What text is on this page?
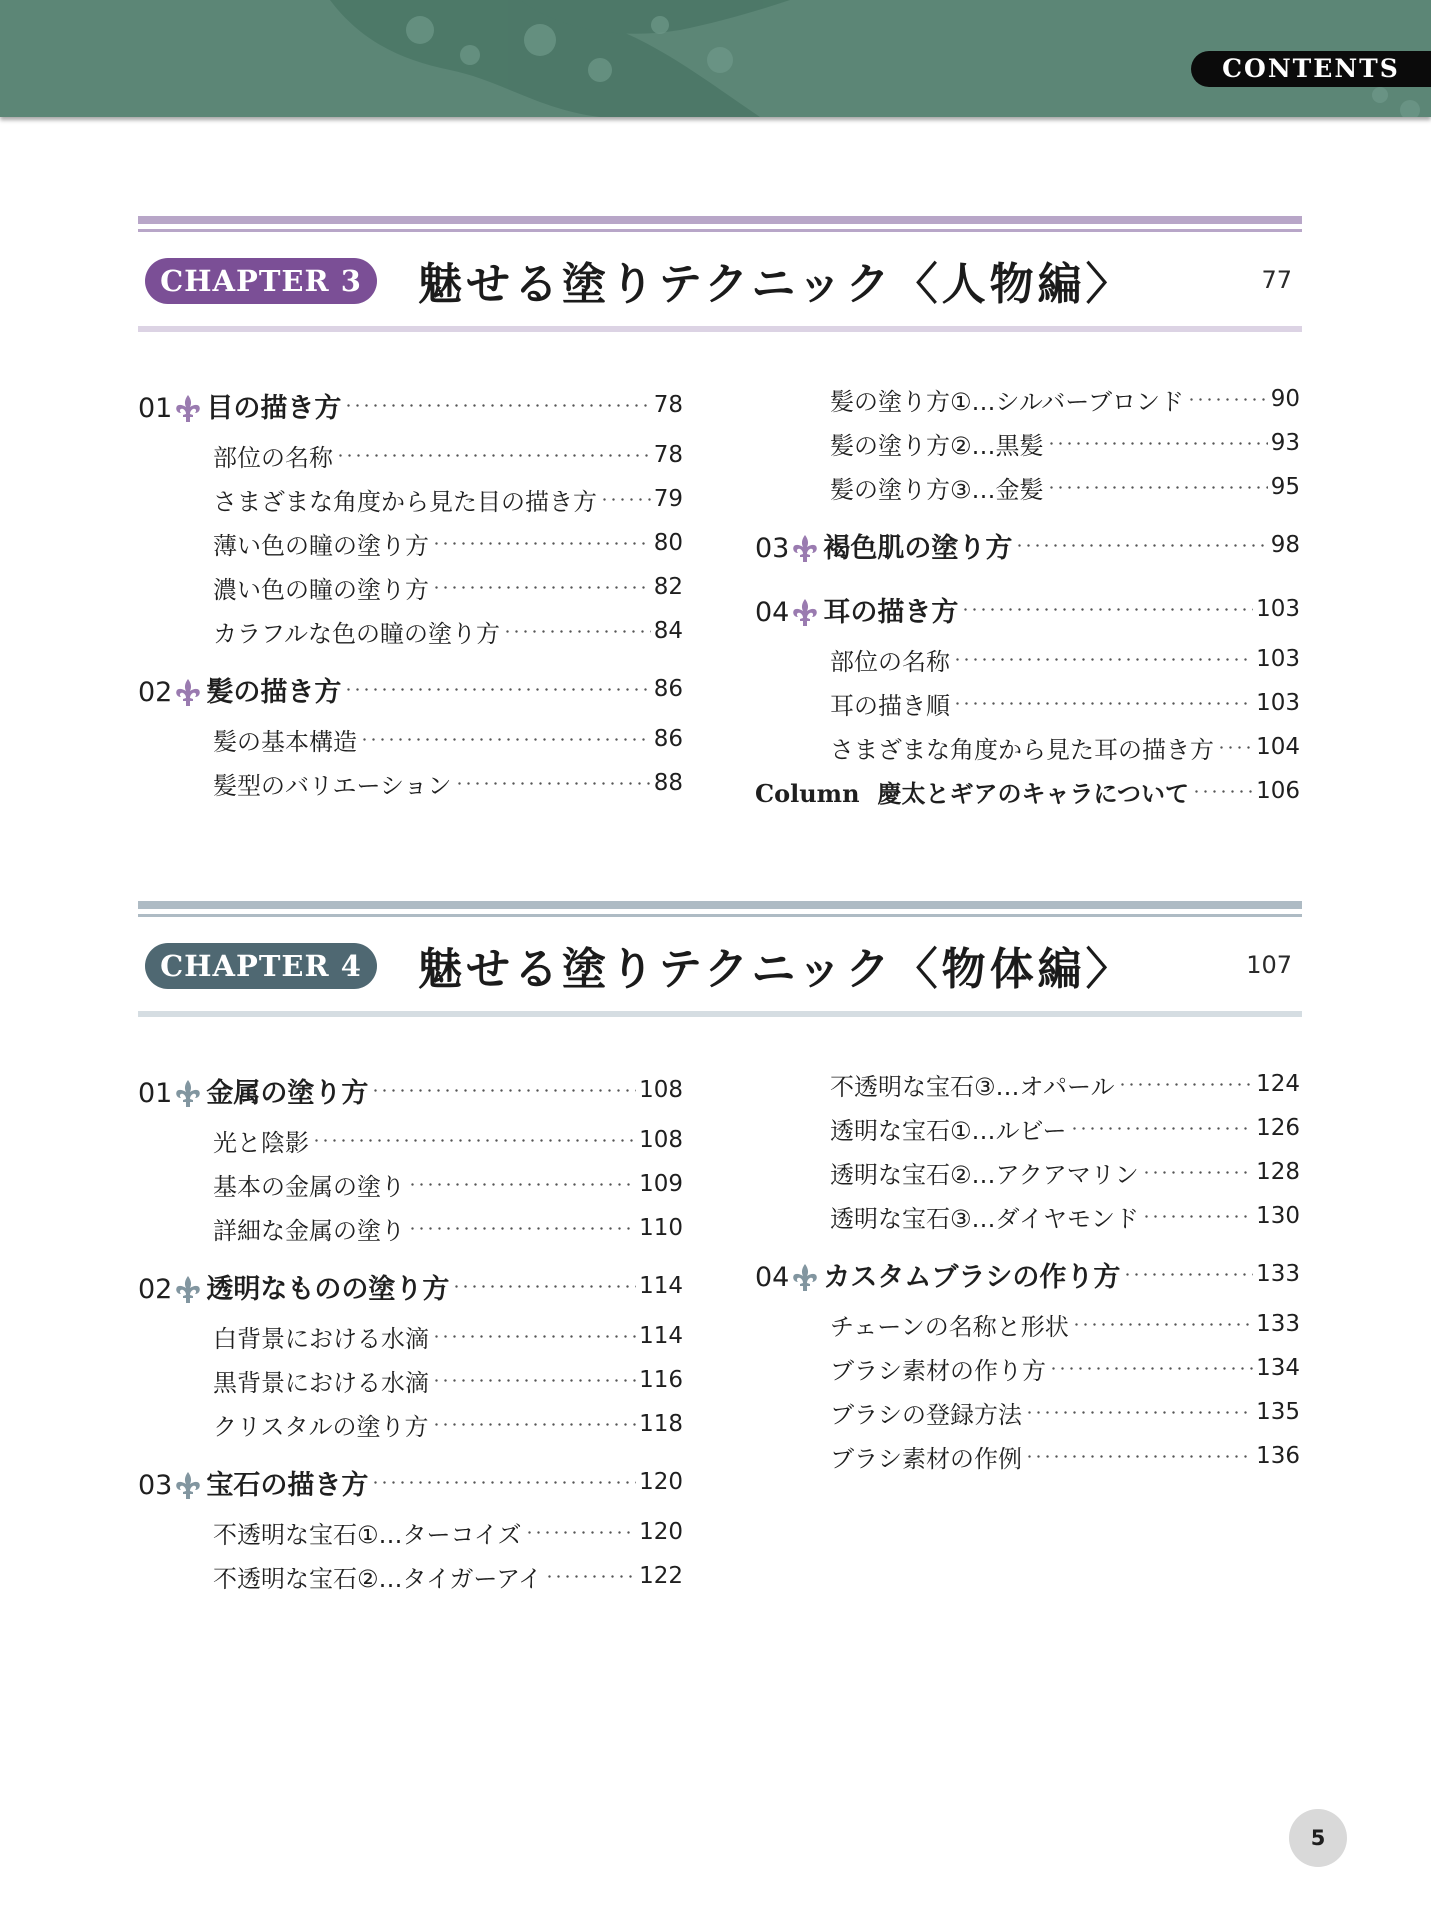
CONTENTS
CHAPTER 3	魅せる塗りテクニック〈人物編〉	77
01 目の描き方	78
部位の名称	78
さまざまな角度から見た目の描き方 79
薄い色の瞳の塗り方	80
濃い色の瞳の塗り方	82
カラフルな色の瞳の塗り方	84
02 髪の描き方	86
髪の基本構造	86
髪型のバリエーション	88
髪の塗り方①…シルバーブロンド	90
髪の塗り方②…黒髪	93
髪の塗り方③…金髪	95
03 褐色肌の塗り方	98
04 耳の描き方	103
部位の名称	103
耳の描き順	103
さまざまな角度から見た耳の描き方 104
Column 慶太とギアのキャラについて	106
CHAPTER 4	魅せる塗りテクニック〈物体編〉	107
01 金属の塗り方	108
光と陰影	108
基本の金属の塗り	109
詳細な金属の塗り	110
02 透明なものの塗り方	114
白背景における水滴	114
黒背景における水滴	116
クリスタルの塗り方	118
03 宝石の描き方	120
不透明な宝石①…ターコイズ	120
不透明な宝石②…タイガーアイ	122
不透明な宝石③…オパール	124
透明な宝石①…ルビー	126
透明な宝石②…アクアマリン	128
透明な宝石③…ダイヤモンド	130
04 カスタムブラシの作り方	133
チェーンの名称と形状	133
ブラシ素材の作り方	134
ブラシの登録方法	135
ブラシ素材の作例	136
5
